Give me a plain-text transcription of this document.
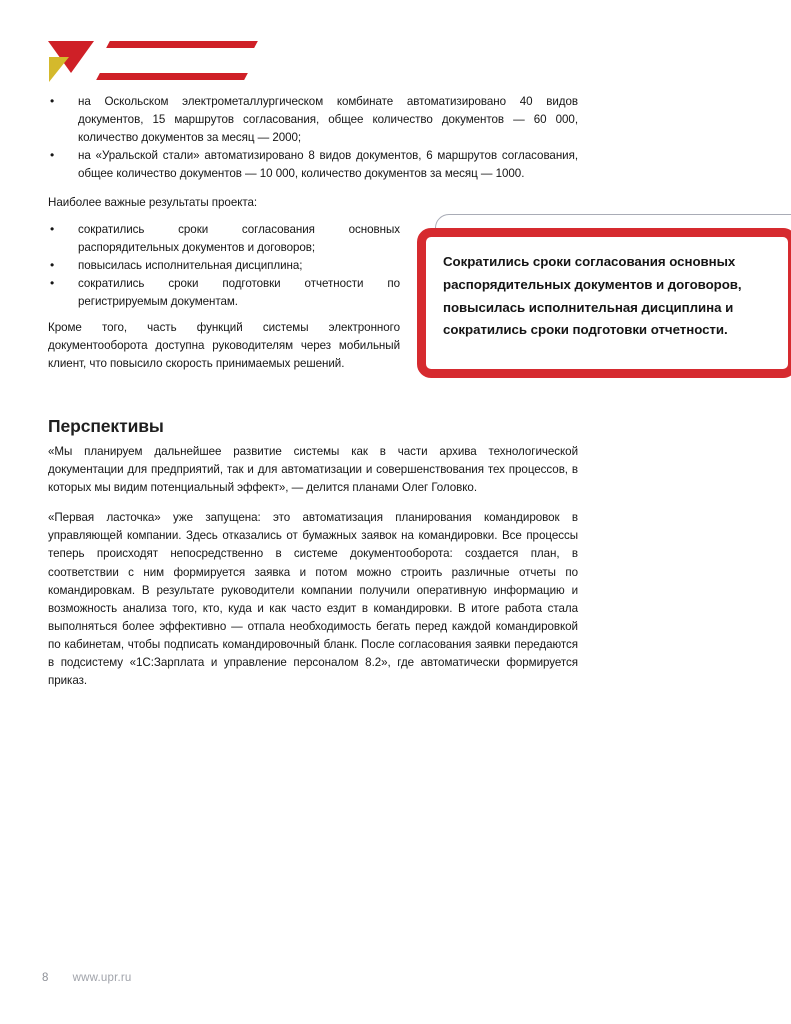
История успеха
• на Оскольском электрометаллургическом комбинате автоматизировано 40 видов документов, 15 маршрутов согласования, общее количество документов — 60 000, количество документов за месяц — 2000;
• на «Уральской стали» автоматизировано 8 видов документов, 6 маршрутов согласования, общее количество документов — 10 000, количество документов за месяц — 1000.

Наиболее важные результаты проекта:

• сократились сроки согласования основных распорядительных документов и договоров;
• повысилась исполнительная дисциплина;
• сократились сроки подготовки отчетности по регистрируемым документам.

Кроме того, часть функций системы электронного документооборота доступна руководителям через мобильный клиент, что повысило скорость принимаемых решений.

Сократились сроки согласования основных распорядительных документов и договоров, повысилась исполнительная дисциплина и сократились сроки подготовки отчетности.
Перспективы

«Мы планируем дальнейшее развитие системы как в части архива технологической документации для предприятий, так и для автоматизации и совершенствования тех процессов, в которых мы видим потенциальный эффект», — делится планами Олег Головко.

«Первая ласточка» уже запущена: это автоматизация планирования командировок в управляющей компании. Здесь отказались от бумажных заявок на командировки. Все процессы теперь происходят непосредственно в системе документооборота: создается план, в соответствии с ним формируется заявка и потом можно строить различные отчеты по командировкам. В результате руководители компании получили оперативную информацию и возможность анализа того, кто, куда и как часто ездит в командировки. В итоге работа стала выполняться более эффективно — отпала необходимость бегать перед каждой командировкой по кабинетам, чтобы подписать командировочный бланк. После согласования заявки передаются в подсистему «1С:Зарплата и управление персоналом 8.2», где автоматически формируется приказ.

8 www.upr.ru
